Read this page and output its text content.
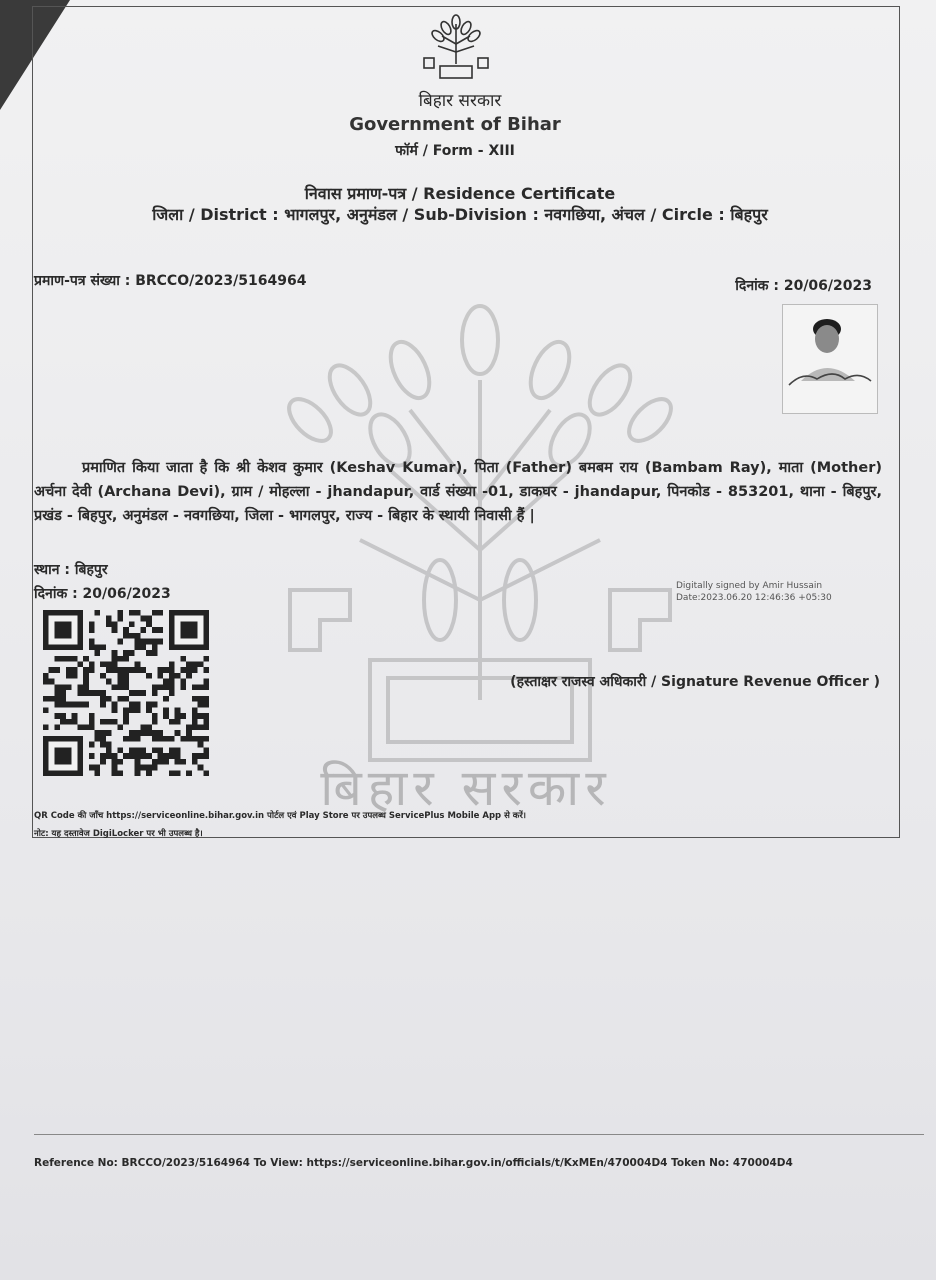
बिहार सरकार
बिहार सरकार
Government of Bihar
फॉर्म / Form - XIII
निवास प्रमाण-पत्र / Residence Certificate
जिला / District : भागलपुर, अनुमंडल / Sub-Division : नवगछिया, अंचल / Circle : बिहपुर
प्रमाण-पत्र संख्या : BRCCO/2023/5164964	दिनांक : 20/06/2023
प्रमाणित किया जाता है कि श्री केशव कुमार (Keshav Kumar), पिता (Father) बमबम राय (Bambam Ray), माता (Mother) अर्चना देवी (Archana Devi), ग्राम / मोहल्ला - jhandapur, वार्ड संख्या -01, डाकघर - jhandapur, पिनकोड - 853201, थाना - बिहपुर, प्रखंड - बिहपुर, अनुमंडल - नवगछिया, जिला - भागलपुर, राज्य - बिहार के स्थायी निवासी हैं |
स्थान : बिहपुर
दिनांक : 20/06/2023	Digitally signed by Amir Hussain
Date:2023.06.20 12:46:36 +05:30
(हस्ताक्षर राजस्व अधिकारी / Signature Revenue Officer )
QR Code की जाँच https://serviceonline.bihar.gov.in पोर्टल एवं Play Store पर उपलब्ध ServicePlus Mobile App से करें।
नोट: यह दस्तावेज DigiLocker पर भी उपलब्ध है।
Reference No: BRCCO/2023/5164964 To View: https://serviceonline.bihar.gov.in/officials/t/KxMEn/470004D4 Token No: 470004D4
